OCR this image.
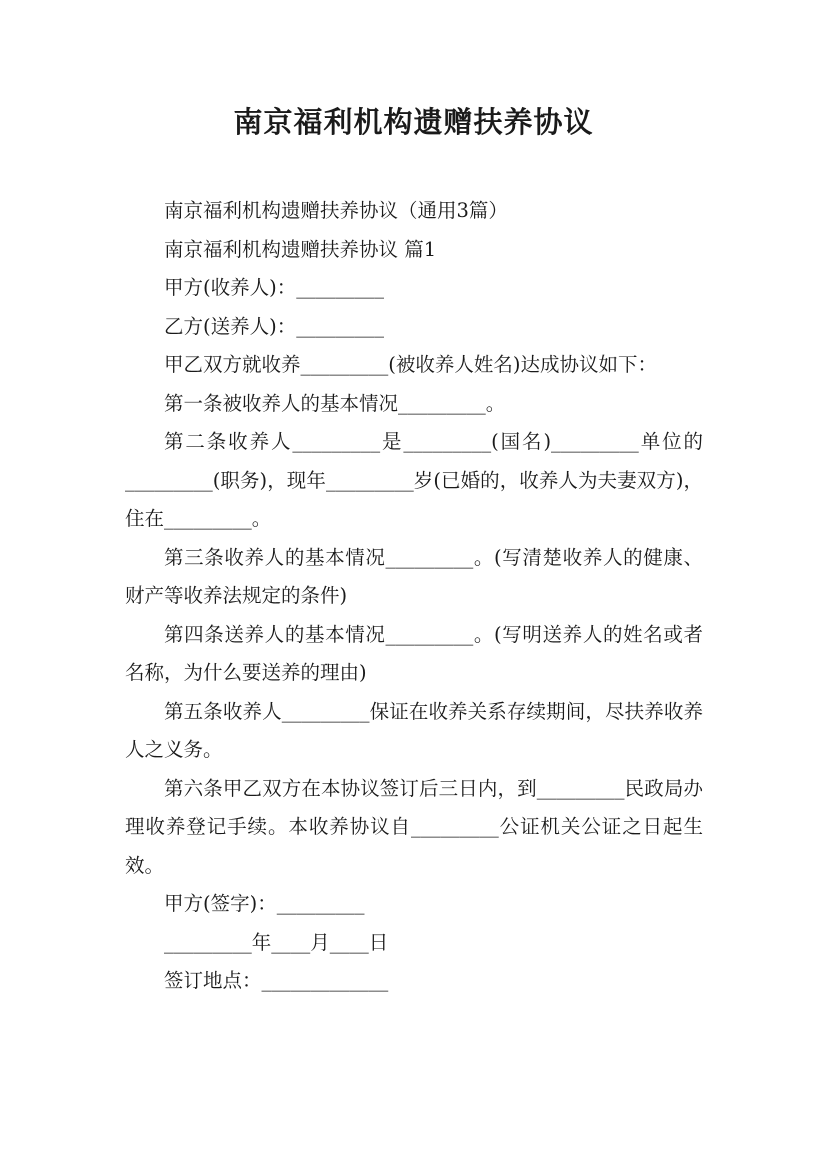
南京福利机构遗赠扶养协议

南京福利机构遗赠扶养协议（通用3篇）

南京福利机构遗赠扶养协议 篇1

甲方(收养人)：_________

乙方(送养人)：_________

甲乙双方就收养_________(被收养人姓名)达成协议如下：

第一条被收养人的基本情况_________。

第二条收养人_________是_________(国名)_________单位的_________(职务)，现年_________岁(已婚的，收养人为夫妻双方)，住在_________。

第三条收养人的基本情况_________。(写清楚收养人的健康、财产等收养法规定的条件)

第四条送养人的基本情况_________。(写明送养人的姓名或者名称，为什么要送养的理由)

第五条收养人_________保证在收养关系存续期间，尽扶养收养人之义务。

第六条甲乙双方在本协议签订后三日内，到_________民政局办理收养登记手续。本收养协议自_________公证机关公证之日起生效。

甲方(签字)：_________

_________年____月____日

签订地点：_____________
